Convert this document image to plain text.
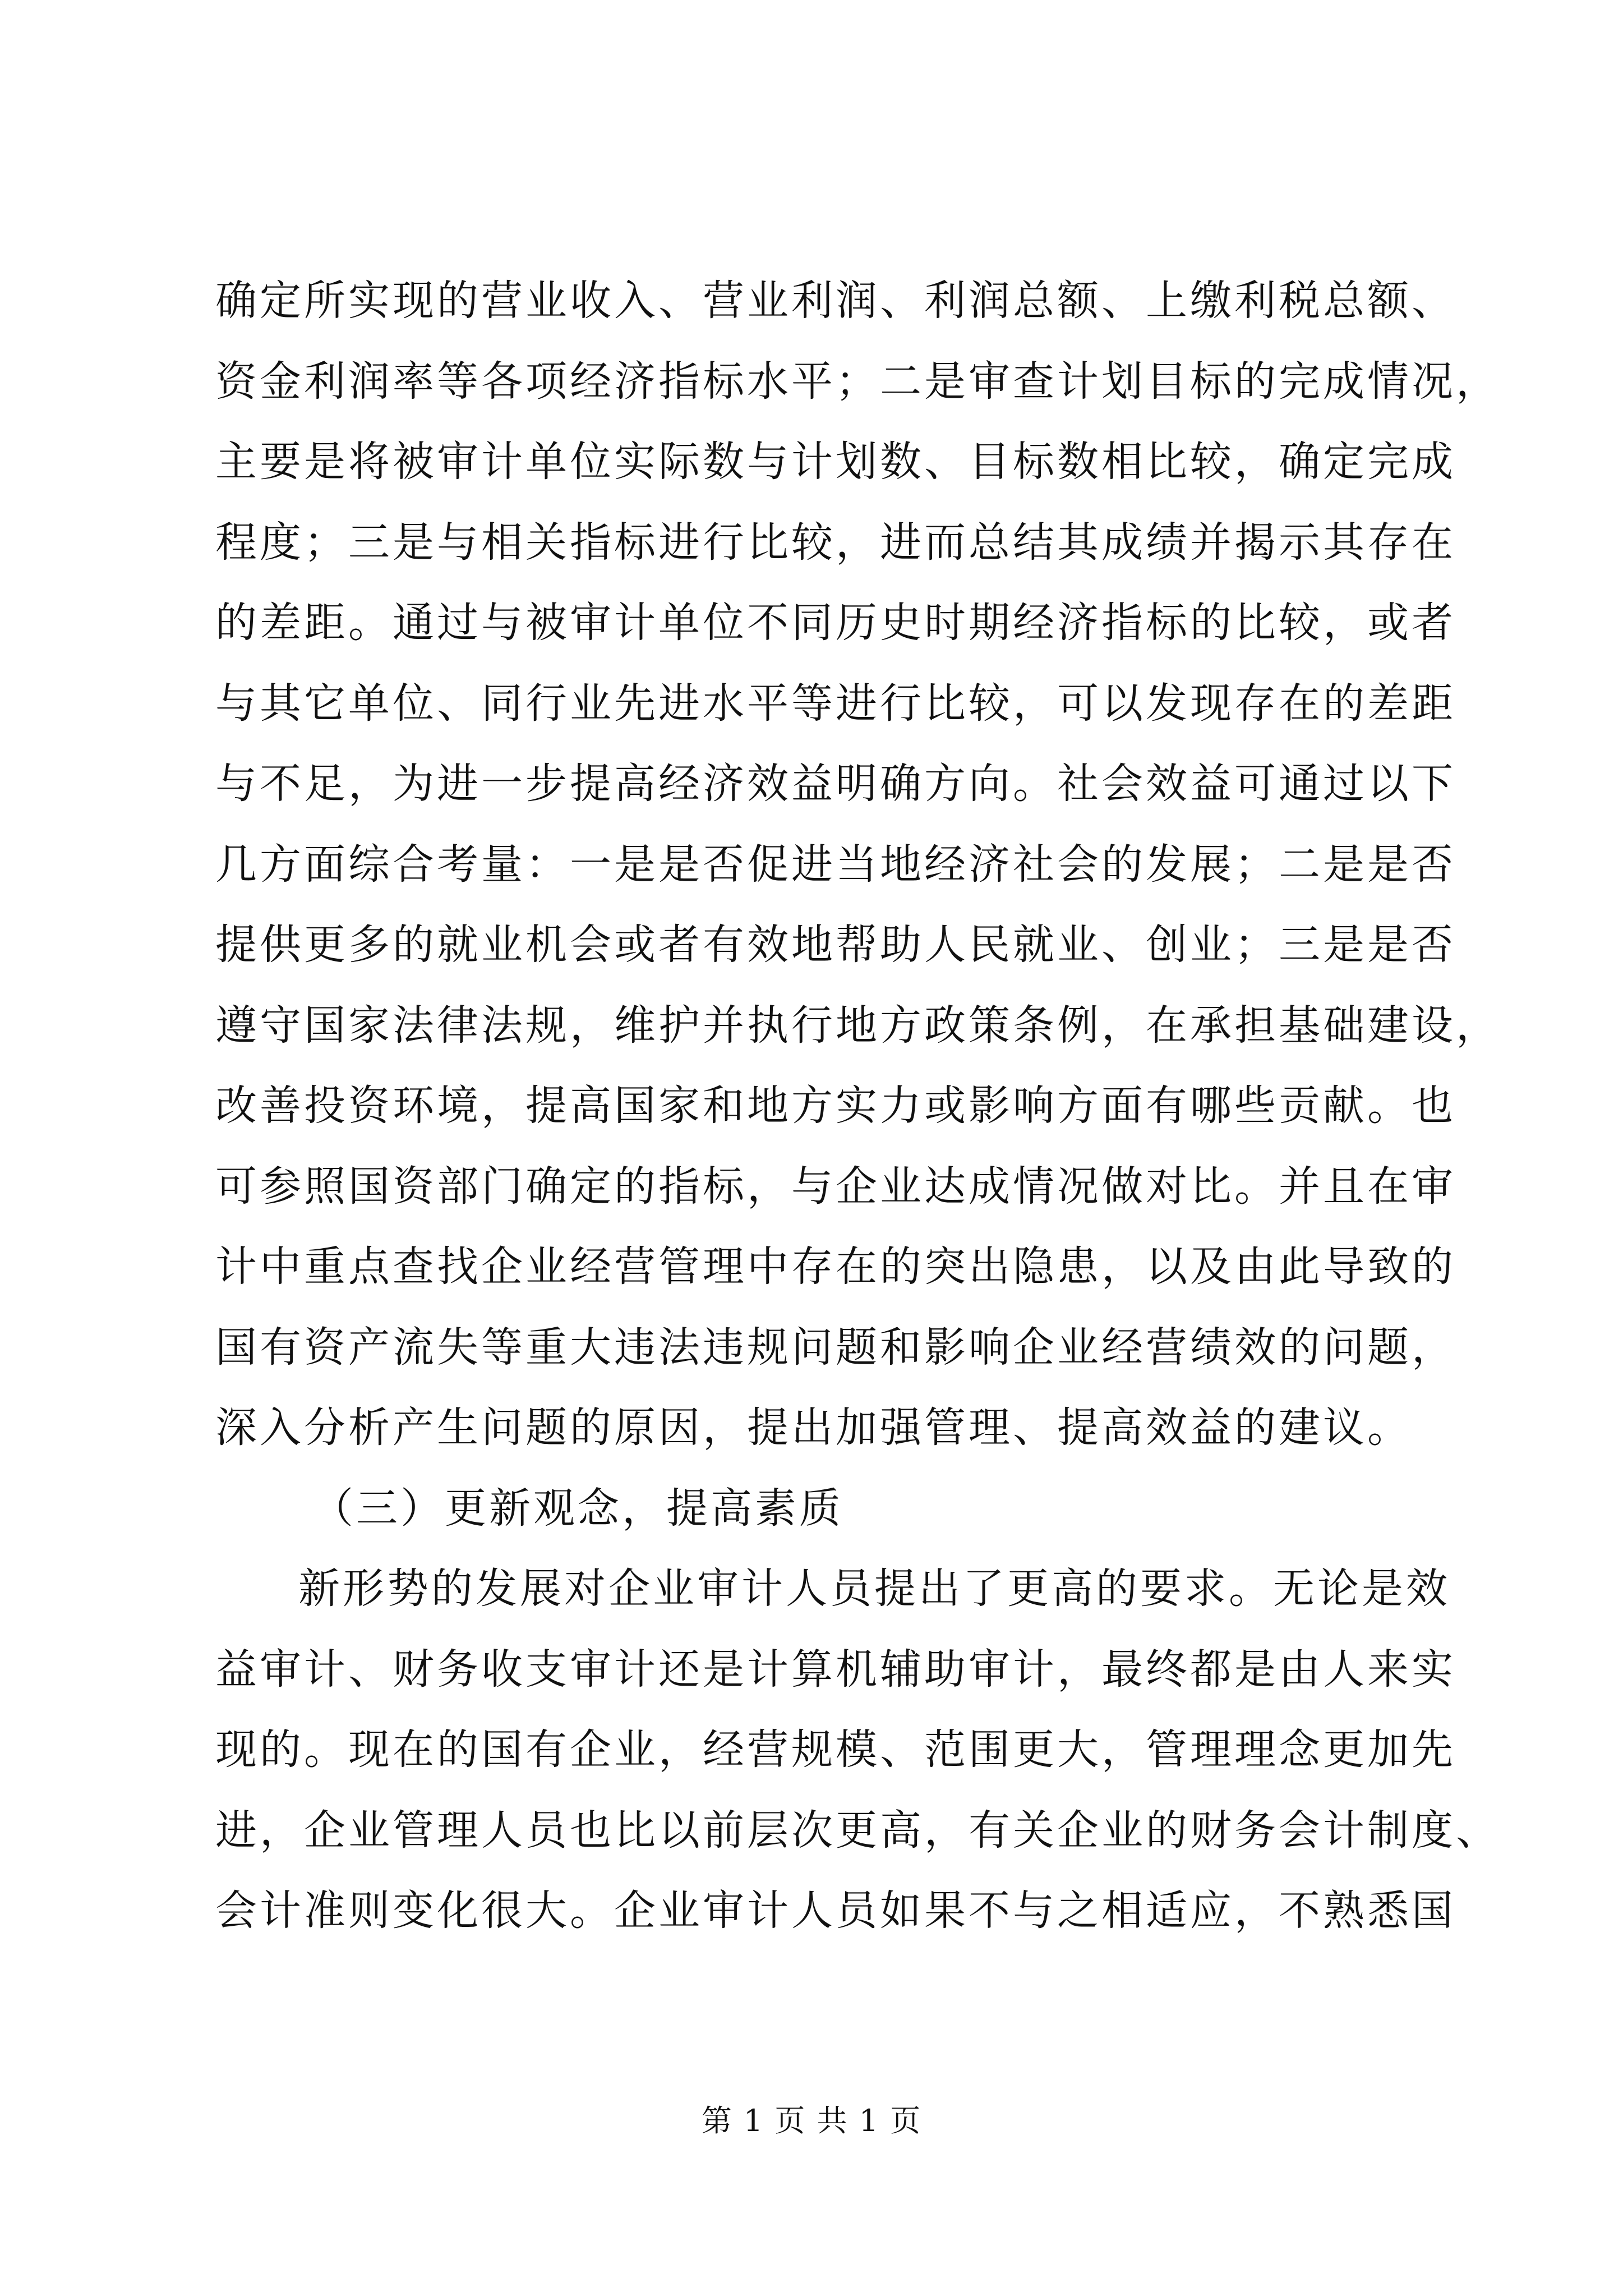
确定所实现的营业收入、营业利润、利润总额、上缴利税总额、
资金利润率等各项经济指标水平；二是审查计划目标的完成情况，
主要是将被审计单位实际数与计划数、目标数相比较，确定完成
程度；三是与相关指标进行比较，进而总结其成绩并揭示其存在
的差距。通过与被审计单位不同历史时期经济指标的比较，或者
与其它单位、同行业先进水平等进行比较，可以发现存在的差距
与不足，为进一步提高经济效益明确方向。社会效益可通过以下
几方面综合考量：一是是否促进当地经济社会的发展；二是是否
提供更多的就业机会或者有效地帮助人民就业、创业；三是是否
遵守国家法律法规，维护并执行地方政策条例，在承担基础建设，
改善投资环境，提高国家和地方实力或影响方面有哪些贡献。也
可参照国资部门确定的指标，与企业达成情况做对比。并且在审
计中重点查找企业经营管理中存在的突出隐患，以及由此导致的
国有资产流失等重大违法违规问题和影响企业经营绩效的问题，
深入分析产生问题的原因，提出加强管理、提高效益的建议。
（三）更新观念，提高素质
新形势的发展对企业审计人员提出了更高的要求。无论是效
益审计、财务收支审计还是计算机辅助审计，最终都是由人来实
现的。现在的国有企业，经营规模、范围更大，管理理念更加先
进，企业管理人员也比以前层次更高，有关企业的财务会计制度、
会计准则变化很大。企业审计人员如果不与之相适应，不熟悉国
第 1 页 共 1 页
